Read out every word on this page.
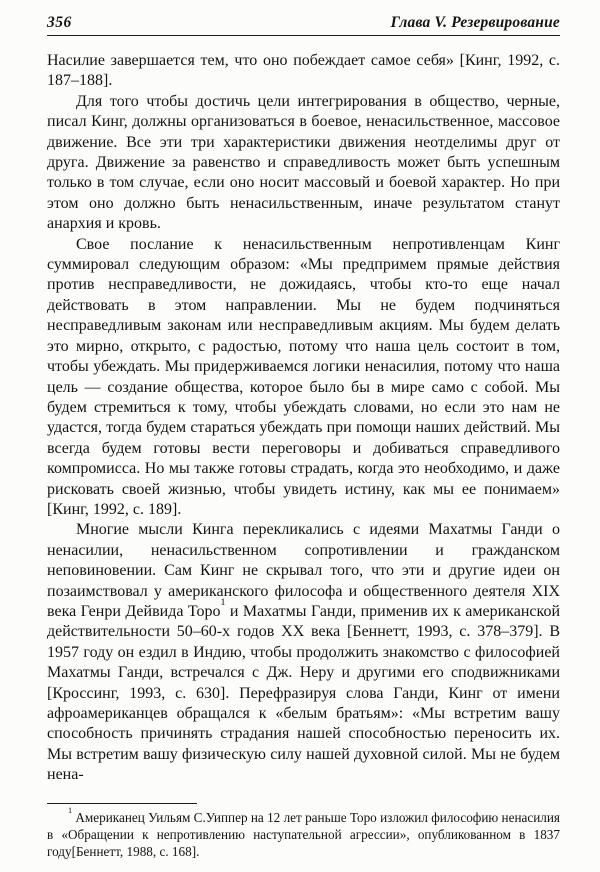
356	Глава V. Резервирование

Насилие завершается тем, что оно побеждает самое себя» [Кинг, 1992, с. 187–188].

Для того чтобы достичь цели интегрирования в общество, черные, писал Кинг, должны организоваться в боевое, ненасильственное, массовое движение. Все эти три характеристики движения неотделимы друг от друга. Движение за равенство и справедливость может быть успешным только в том случае, если оно носит массовый и боевой характер. Но при этом оно должно быть ненасильственным, иначе результатом станут анархия и кровь.

Свое послание к ненасильственным непротивленцам Кинг суммировал следующим образом: «Мы предпримем прямые действия против несправедливости, не дожидаясь, чтобы кто-то еще начал действовать в этом направлении. Мы не будем подчиняться несправедливым законам или несправедливым акциям. Мы будем делать это мирно, открыто, с радостью, потому что наша цель состоит в том, чтобы убеждать. Мы придерживаемся логики ненасилия, потому что наша цель — создание общества, которое было бы в мире само с собой. Мы будем стремиться к тому, чтобы убеждать словами, но если это нам не удастся, тогда будем стараться убеждать при помощи наших действий. Мы всегда будем готовы вести переговоры и добиваться справедливого компромисса. Но мы также готовы страдать, когда это необходимо, и даже рисковать своей жизнью, чтобы увидеть истину, как мы ее понимаем» [Кинг, 1992, с. 189].

Многие мысли Кинга перекликались с идеями Махатмы Ганди о ненасилии, ненасильственном сопротивлении и гражданском неповиновении. Сам Кинг не скрывал того, что эти и другие идеи он позаимствовал у американского философа и общественного деятеля XIX века Генри Дейвида Торо$^1$ и Махатмы Ганди, применив их к американской действительности 50–60-х годов XX века [Беннетт, 1993, с. 378–379]. В 1957 году он ездил в Индию, чтобы продолжить знакомство с философией Махатмы Ганди, встречался с Дж. Неру и другими его сподвижниками [Кроссинг, 1993, с. 630]. Перефразируя слова Ганди, Кинг от имени афроамериканцев обращался к «белым братьям»: «Мы встретим вашу способность причинять страдания нашей способностью переносить их. Мы встретим вашу физическую силу нашей духовной силой. Мы не будем нена-

$^1$ Американец Уильям С.Уиппер на 12 лет раньше Торо изложил философию ненасилия в «Обращении к непротивлению наступательной агрессии», опубликованном в 1837 году[Беннетт, 1988, с. 168].
